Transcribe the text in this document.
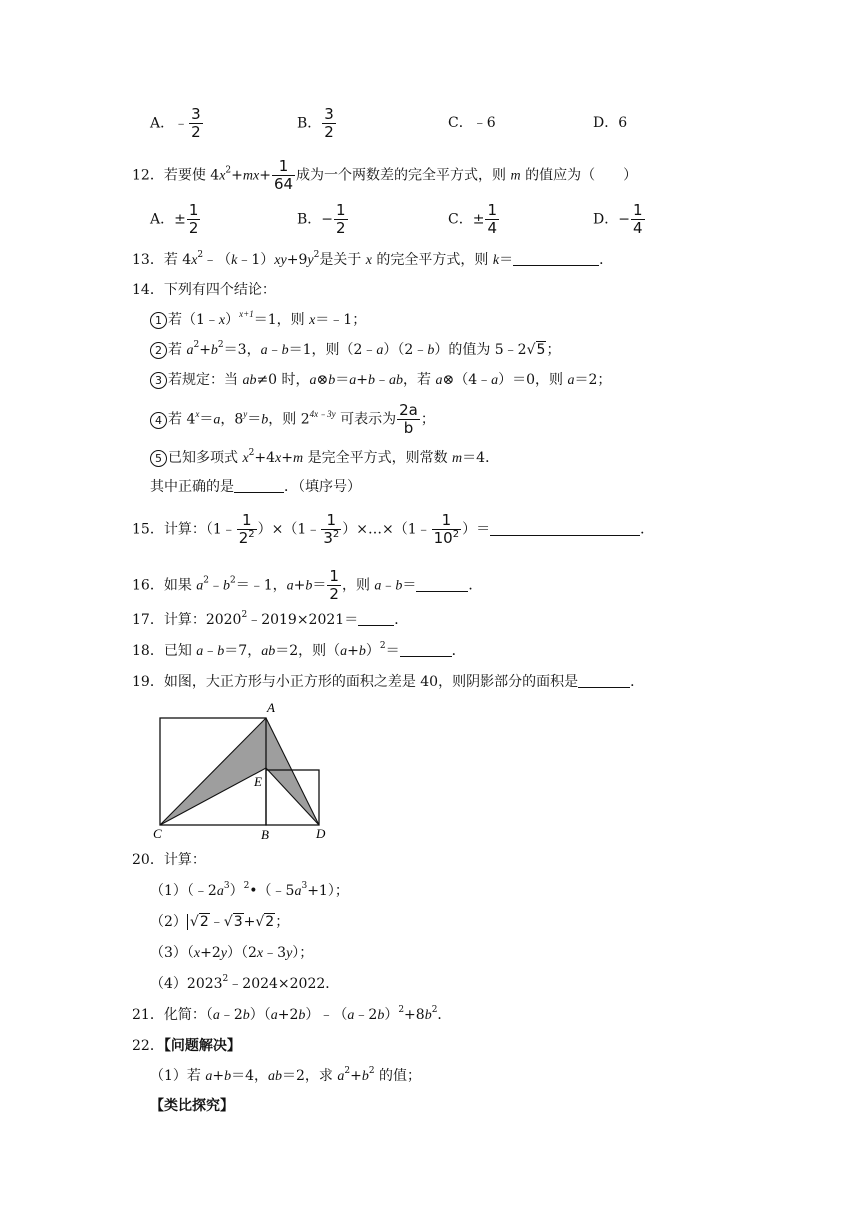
A．﹣ $\frac{3}{2}$	B． $\frac{3}{2}$	C．﹣6	D．6
12．若要使 $4x^2+mx+ \frac{1}{64}$ 成为一个两数差的完全平方式，则 m 的值应为（　　）
A．± $\frac{1}{2}$	B．− $\frac{1}{2}$	C．± $\frac{1}{4}$	D．− $\frac{1}{4}$
13．若 $4x^2﹣(k﹣1)xy+9y^2$是关于 x 的完全平方式，则 k＝	．
14．下列有四个结论：
1 若（1﹣x）$^{x+1}$＝1，则 x＝﹣1；
2 若 $a^2+b^2=3$，a﹣b＝1，则（2﹣a）（2﹣b）的值为 5﹣2√5；
3 若规定：当 ab≠0 时，a⊗b＝a+b﹣ab，若 a⊗（4﹣a）＝0，则 a＝2；
4 若 $4^x=a$，$8^y=b$，则 $2^{4x﹣3y}$ 可表示为 $\frac{2a}{b}$ ；
5 已知多项式 $x^2+4x+m$ 是完全平方式，则常数 m＝4．
其中正确的是	．（填序号）
15．计算：（1﹣ $\frac{1}{2^2}$ ）×（1﹣ $\frac{1}{3^2}$ ）×…×（1﹣ $\frac{1}{10^2}$ ）＝	．
16．如果 $a^2﹣b^2=﹣1$，$a+b= \frac{1}{2}$ ，则 a﹣b＝	．
17．计算：$2020^2﹣2019\times 2021=$	．
18．已知 a﹣b＝7，ab＝2，则$(a+b)^2=$	．
19．如图，大正方形与小正方形的面积之差是 40，则阴影部分的面积是	．
A
E
C	B	D
20．计算：
$(1)(﹣2a^3)^2•(﹣5a^3+1)$；
（2） √2﹣√3+√2；
（3）（x+2y）（2x﹣3y）；
$(4)2023^2﹣2024\times 2022$．
21．化简：$(a﹣2b)(a+2b)﹣(a﹣2b)^2+8b^2$．
22．【问题解决】
（1）若 a+b＝4，ab＝2，求 $a^2+b^2$ 的值；
【类比探究】
